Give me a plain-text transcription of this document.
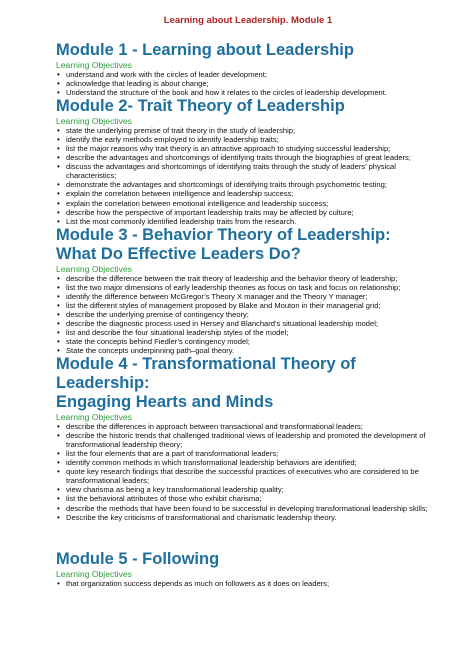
Learning about Leadership. Module 1
Module 1 - Learning about Leadership
Learning Objectives
• understand and work with the circles of leader development;
• acknowledge that leading is about change;
• Understand the structure of the book and how it relates to the circles of leadership development.
Module 2- Trait Theory of Leadership
Learning Objectives
• state the underlying premise of trait theory in the study of leadership;
• identify the early methods employed to identify leadership traits;
• list the major reasons why trait theory is an attractive approach to studying successful leadership;
• describe the advantages and shortcomings of identifying traits through the biographies of great leaders;
• discuss the advantages and shortcomings of identifying traits through the study of leaders’ physical characteristics;
• demonstrate the advantages and shortcomings of identifying traits through psychometric testing;
• explain the correlation between intelligence and leadership success;
• explain the correlation between emotional intelligence and leadership success;
• describe how the perspective of important leadership traits may be affected by culture;
• List the most commonly identified leadership traits from the research.
Module 3 - Behavior Theory of Leadership:
What Do Effective Leaders Do?
Learning Objectives
• describe the difference between the trait theory of leadership and the behavior theory of leadership;
• list the two major dimensions of early leadership theories as focus on task and focus on relationship;
• identify the difference between McGregor’s Theory X manager and the Theory Y manager;
• list the different styles of management proposed by Blake and Mouton in their managerial grid;
• describe the underlying premise of contingency theory;
• describe the diagnostic process used in Hersey and Blanchard’s situational leadership model;
• list and describe the four situational leadership styles of the model;
• state the concepts behind Fiedler’s contingency model;
• State the concepts underpinning path–goal theory.
Module 4 - Transformational Theory of Leadership:
Engaging Hearts and Minds
Learning Objectives
• describe the differences in approach between transactional and transformational leaders;
• describe the historic trends that challenged traditional views of leadership and promoted the development of transformational leadership theory;
• list the four elements that are a part of transformational leaders;
• identify common methods in which transformational leadership behaviors are identified;
• quote key research findings that describe the successful practices of executives who are considered to be transformational leaders;
• view charisma as being a key transformational leadership quality;
• list the behavioral attributes of those who exhibit charisma;
• describe the methods that have been found to be successful in developing transformational leadership skills;
• Describe the key criticisms of transformational and charismatic leadership theory.
Module 5 - Following
Learning Objectives
• that organization success depends as much on followers as it does on leaders;
